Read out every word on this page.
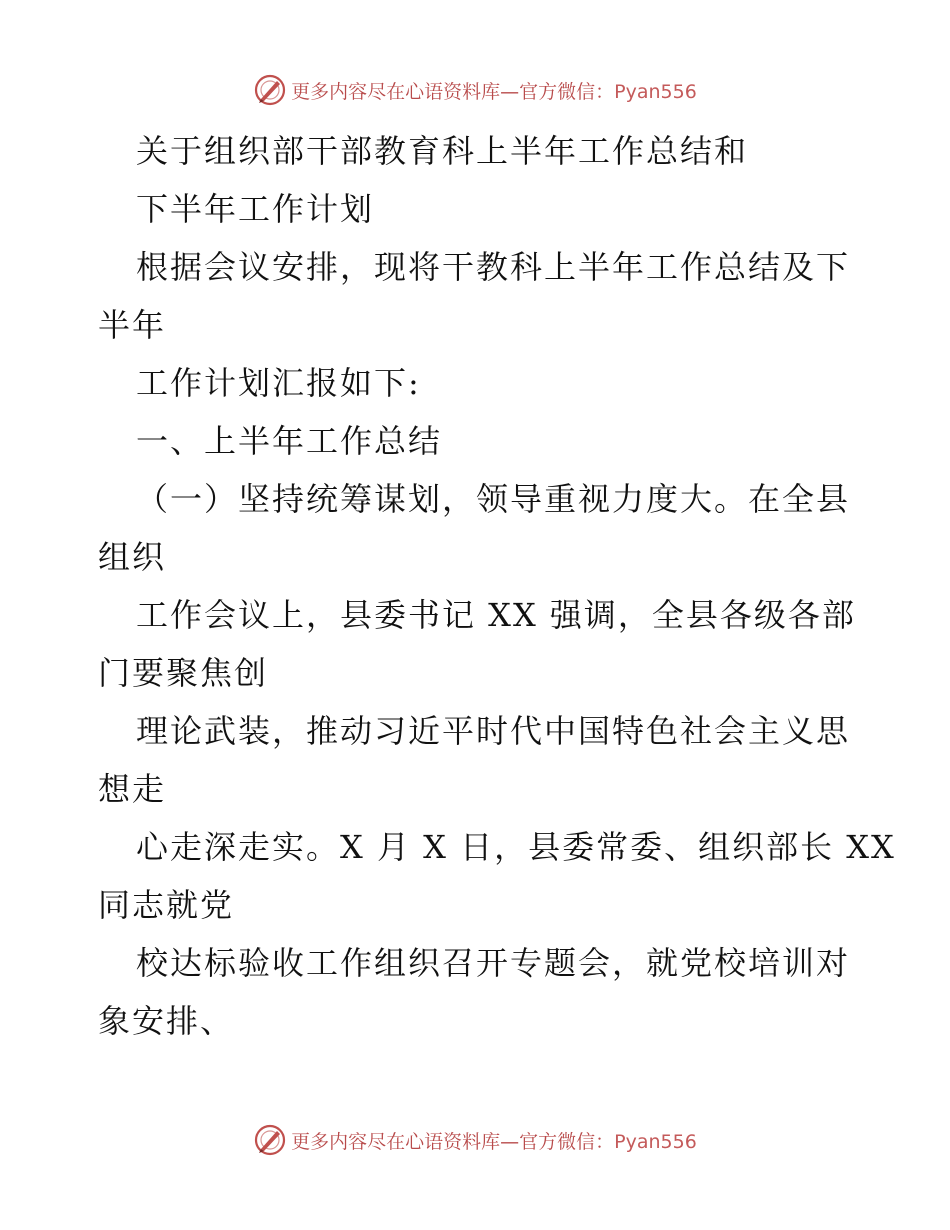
更多内容尽在心语资料库—官方微信：Pyan556
关于组织部干部教育科上半年工作总结和
下半年工作计划
根据会议安排，现将干教科上半年工作总结及下
半年
工作计划汇报如下:
一、上半年工作总结
（一）坚持统筹谋划，领导重视力度大。在全县
组织
工作会议上，县委书记 XX 强调，全县各级各部
门要聚焦创
理论武装，推动习近平时代中国特色社会主义思
想走
心走深走实。X 月 X 日，县委常委、组织部长 XX
同志就党
校达标验收工作组织召开专题会，就党校培训对
象安排、
更多内容尽在心语资料库—官方微信：Pyan556
